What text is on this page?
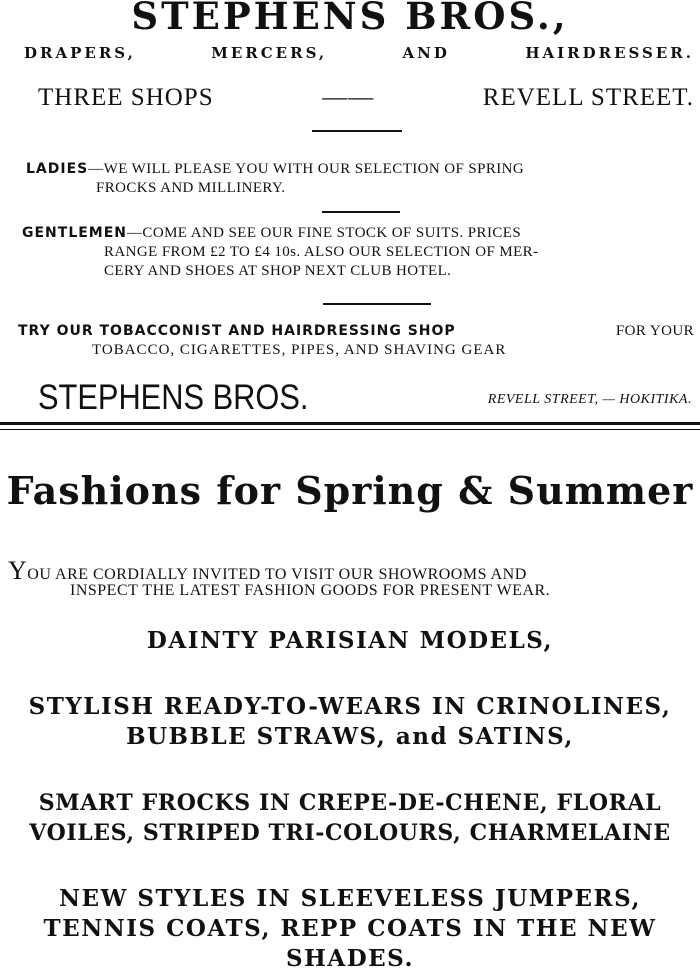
STEPHENS BROS.,
DRAPERS,	MERCERS,	AND	HAIRDRESSER.
THREE SHOPS	——	REVELL STREET.
LADIES—WE WILL PLEASE YOU WITH OUR SELECTION OF SPRING
FROCKS AND MILLINERY.
GENTLEMEN—COME AND SEE OUR FINE STOCK OF SUITS. PRICES
RANGE FROM £2 TO £4 10s. ALSO OUR SELECTION OF MER-
CERY AND SHOES AT SHOP NEXT CLUB HOTEL.
TRY OUR TOBACCONIST AND HAIRDRESSING SHOP	FOR YOUR
TOBACCO, CIGARETTES, PIPES, AND SHAVING GEAR
STEPHENS BROS.	REVELL STREET, — HOKITIKA.
Fashions for Spring & Summer
YOU ARE CORDIALLY INVITED TO VISIT OUR SHOWROOMS AND
INSPECT THE LATEST FASHION GOODS FOR PRESENT WEAR.
DAINTY PARISIAN MODELS,
STYLISH READY-TO-WEARS IN CRINOLINES,
BUBBLE STRAWS, and SATINS,
SMART FROCKS IN CREPE-DE-CHENE, FLORAL
VOILES, STRIPED TRI-COLOURS, CHARMELAINE
NEW STYLES IN SLEEVELESS JUMPERS,
TENNIS COATS, REPP COATS IN THE NEW
SHADES.
